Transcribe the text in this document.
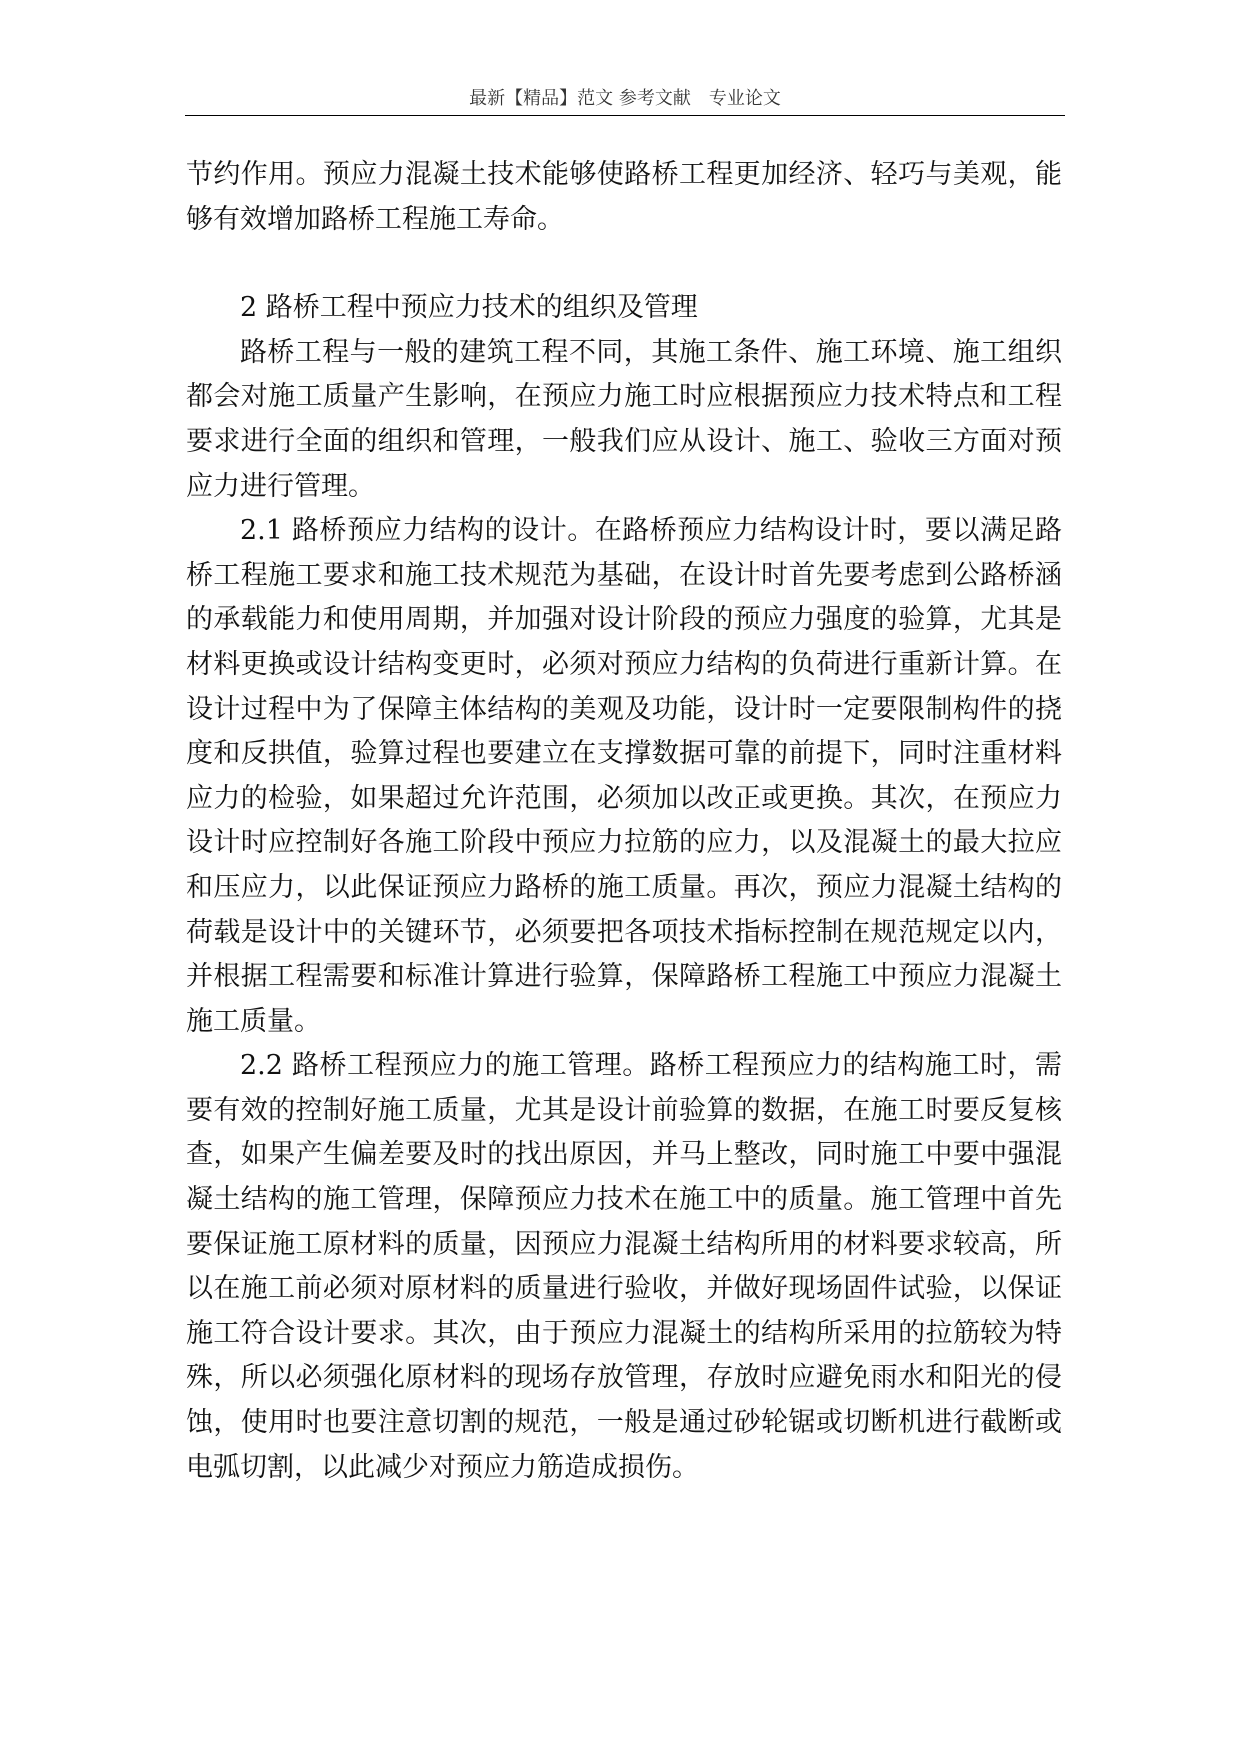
最新【精品】范文 参考文献　专业论文

节约作用。预应力混凝土技术能够使路桥工程更加经济、轻巧与美观，能够有效增加路桥工程施工寿命。

2 路桥工程中预应力技术的组织及管理

路桥工程与一般的建筑工程不同，其施工条件、施工环境、施工组织都会对施工质量产生影响，在预应力施工时应根据预应力技术特点和工程要求进行全面的组织和管理，一般我们应从设计、施工、验收三方面对预应力进行管理。

2.1 路桥预应力结构的设计。在路桥预应力结构设计时，要以满足路桥工程施工要求和施工技术规范为基础，在设计时首先要考虑到公路桥涵的承载能力和使用周期，并加强对设计阶段的预应力强度的验算，尤其是材料更换或设计结构变更时，必须对预应力结构的负荷进行重新计算。在设计过程中为了保障主体结构的美观及功能，设计时一定要限制构件的挠度和反拱值，验算过程也要建立在支撑数据可靠的前提下，同时注重材料应力的检验，如果超过允许范围，必须加以改正或更换。其次，在预应力设计时应控制好各施工阶段中预应力拉筋的应力，以及混凝土的最大拉应和压应力，以此保证预应力路桥的施工质量。再次，预应力混凝土结构的荷载是设计中的关键环节，必须要把各项技术指标控制在规范规定以内，并根据工程需要和标准计算进行验算，保障路桥工程施工中预应力混凝土施工质量。

2.2 路桥工程预应力的施工管理。路桥工程预应力的结构施工时，需要有效的控制好施工质量，尤其是设计前验算的数据，在施工时要反复核查，如果产生偏差要及时的找出原因，并马上整改，同时施工中要中强混凝土结构的施工管理，保障预应力技术在施工中的质量。施工管理中首先要保证施工原材料的质量，因预应力混凝土结构所用的材料要求较高，所以在施工前必须对原材料的质量进行验收，并做好现场固件试验，以保证施工符合设计要求。其次，由于预应力混凝土的结构所采用的拉筋较为特殊，所以必须强化原材料的现场存放管理，存放时应避免雨水和阳光的侵蚀，使用时也要注意切割的规范，一般是通过砂轮锯或切断机进行截断或电弧切割，以此减少对预应力筋造成损伤。
